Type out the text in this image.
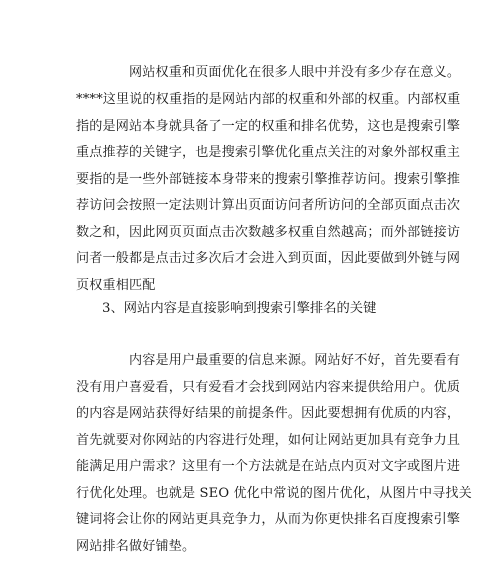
　　　　网站权重和页面优化在很多人眼中并没有多少存在意义。

****这里说的权重指的是网站内部的权重和外部的权重。内部权重
指的是网站本身就具备了一定的权重和排名优势，这也是搜索引擎
重点推荐的关键字，也是搜索引擎优化重点关注的对象外部权重主
要指的是一些外部链接本身带来的搜索引擎推荐访问。搜索引擎推
荐访问会按照一定法则计算出页面访问者所访问的全部页面点击次
数之和，因此网页页面点击次数越多权重自然越高；而外部链接访
问者一般都是点击过多次后才会进入到页面，因此要做到外链与网
页权重相匹配

3、网站内容是直接影响到搜索引擎排名的关键

　　　　内容是用户最重要的信息来源。网站好不好，首先要看有
没有用户喜爱看，只有爱看才会找到网站内容来提供给用户。优质
的内容是网站获得好结果的前提条件。因此要想拥有优质的内容，
首先就要对你网站的内容进行处理，如何让网站更加具有竞争力且
能满足用户需求？这里有一个方法就是在站点内页对文字或图片进
行优化处理。也就是 SEO 优化中常说的图片优化，从图片中寻找关
键词将会让你的网站更具竞争力，从而为你更快排名百度搜索引擎
网站排名做好铺垫。
